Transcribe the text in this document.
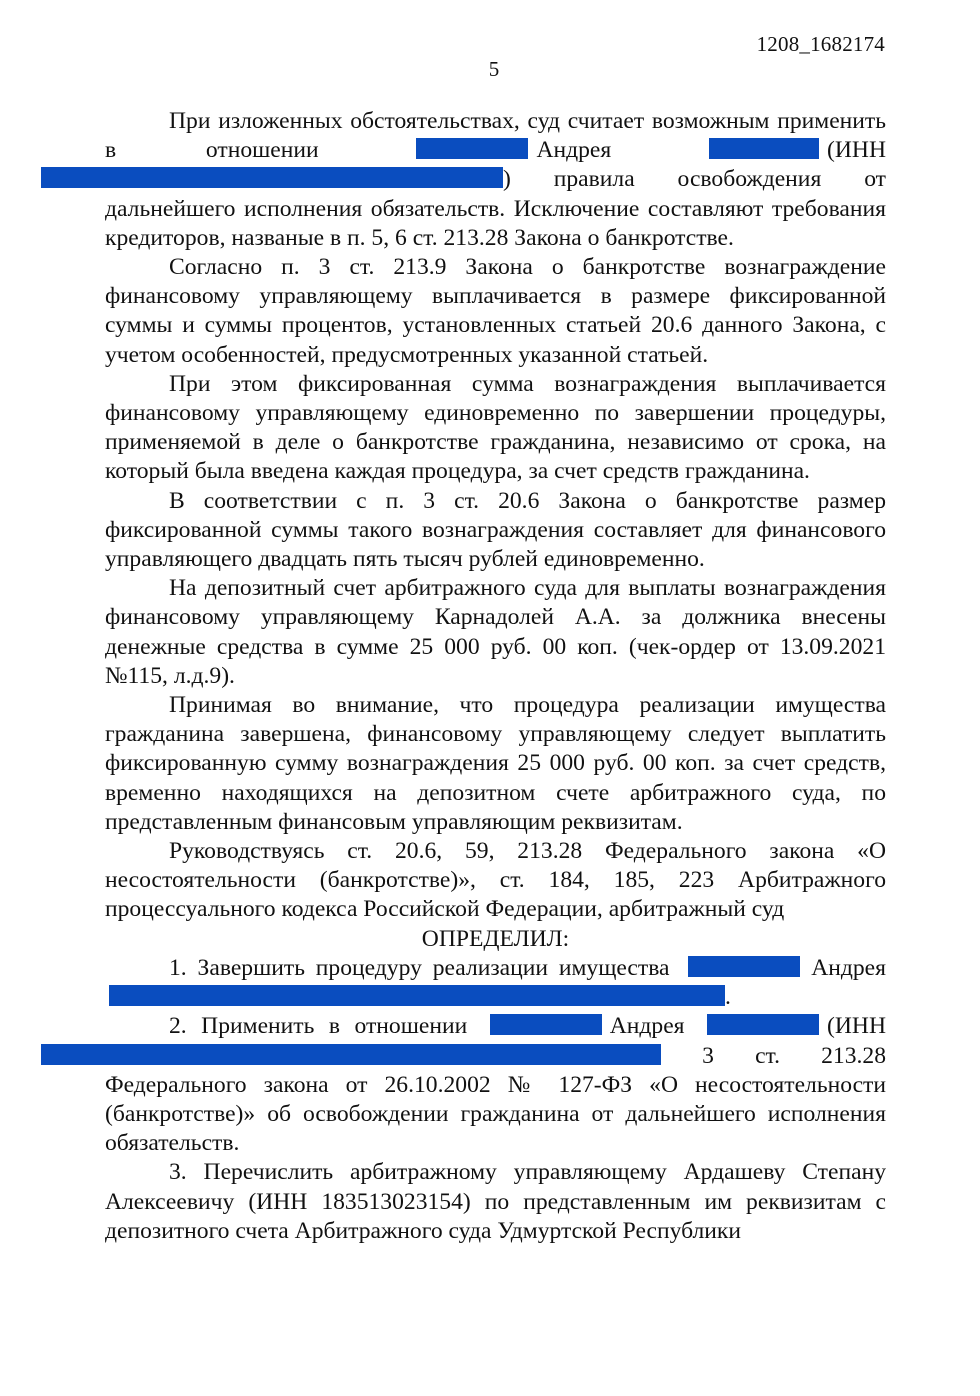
1208_1682174
5

При изложенных обстоятельствах, суд считает возможным применить в отношении	Андрея	(ИНН ) правила освобождения от дальнейшего исполнения обязательств. Исключение составляют требования кредиторов, названые в п. 5, 6 ст. 213.28 Закона о банкротстве.

Согласно п. 3 ст. 213.9 Закона о банкротстве вознаграждение финансовому управляющему выплачивается в размере фиксированной суммы и суммы процентов, установленных статьей 20.6 данного Закона, с учетом особенностей, предусмотренных указанной статьей.

При этом фиксированная сумма вознаграждения выплачивается финансовому управляющему единовременно по завершении процедуры, применяемой в деле о банкротстве гражданина, независимо от срока, на который была введена каждая процедура, за счет средств гражданина.

В соответствии с п. 3 ст. 20.6 Закона о банкротстве размер фиксированной суммы такого вознаграждения составляет для финансового управляющего двадцать пять тысяч рублей единовременно.

На депозитный счет арбитражного суда для выплаты вознаграждения финансовому управляющему Карнадолей А.А. за должника внесены денежные средства в сумме 25 000 руб. 00 коп. (чек-ордер от 13.09.2021 №115, л.д.9).

Принимая во внимание, что процедура реализации имущества гражданина завершена, финансовому управляющему следует выплатить фиксированную сумму вознаграждения 25 000 руб. 00 коп. за счет средств, временно находящихся на депозитном счете арбитражного суда, по представленным финансовым управляющим реквизитам.

Руководствуясь ст. 20.6, 59, 213.28 Федерального закона «О несостоятельности (банкротстве)», ст. 184, 185, 223 Арбитражного процессуального кодекса Российской Федерации, арбитражный суд

ОПРЕДЕЛИЛ:

1. Завершить процедуру реализации имущества	Андрея .

2. Применить в отношении	Андрея	(ИНН  3 ст. 213.28 Федерального закона от 26.10.2002 № 127-ФЗ «О несостоятельности (банкротстве)» об освобождении гражданина от дальнейшего исполнения обязательств.

3. Перечислить арбитражному управляющему Ардашеву Степану Алексеевичу (ИНН 183513023154) по представленным им реквизитам с депозитного счета Арбитражного суда Удмуртской Республики
